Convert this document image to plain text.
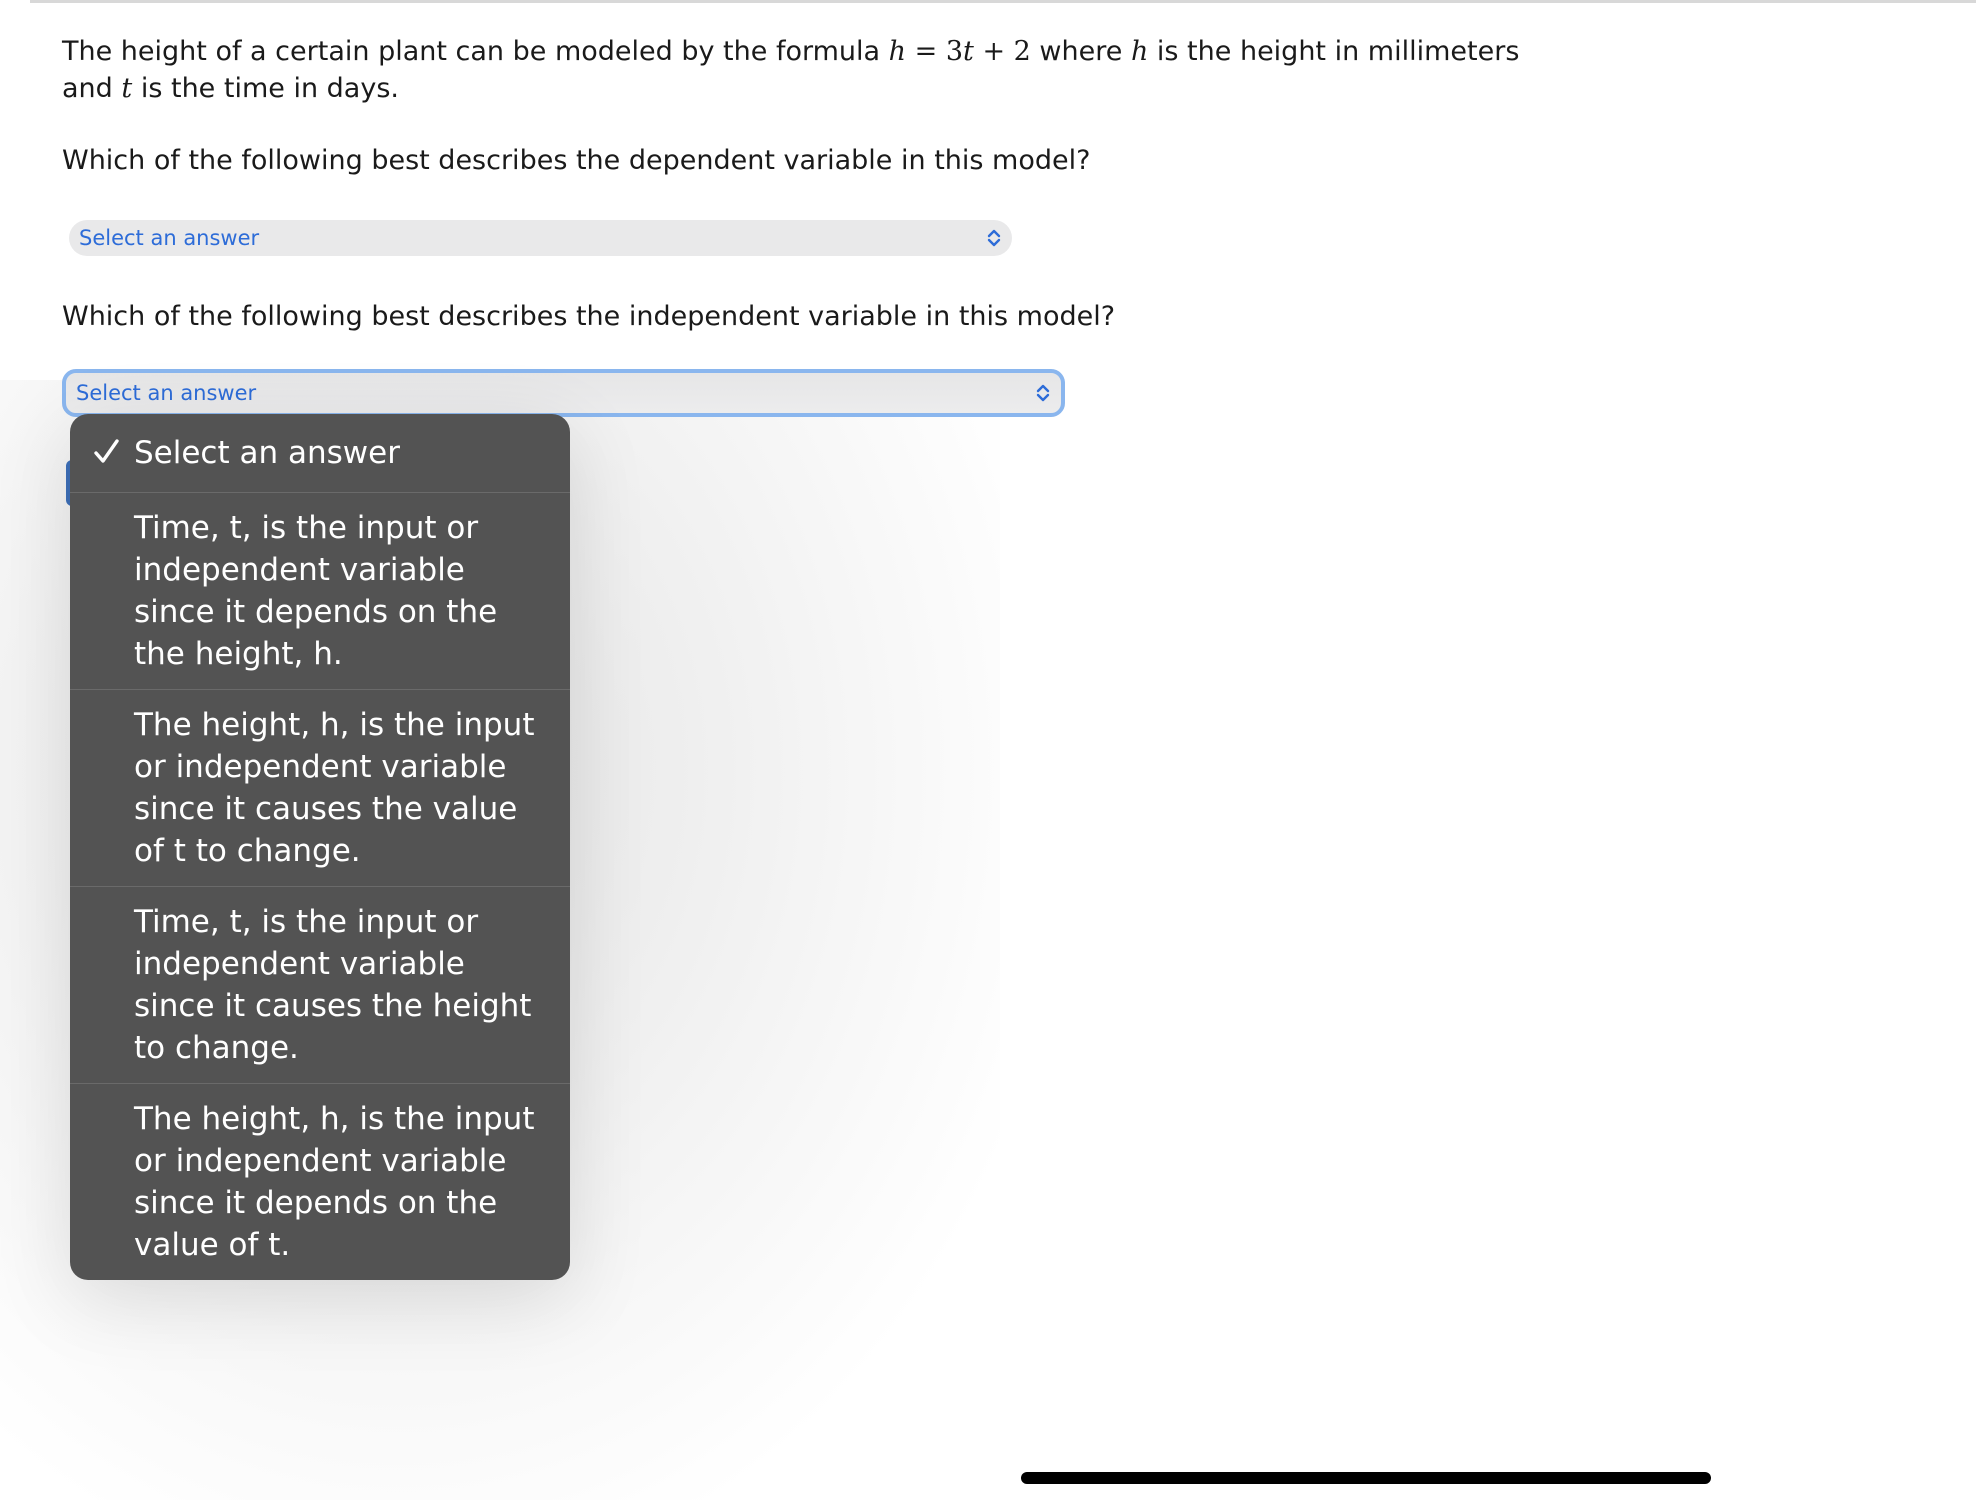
The height of a certain plant can be modeled by the formula h = 3t + 2 where h is the height in millimeters
and t is the time in days.
Which of the following best describes the dependent variable in this model?
Select an answer
Which of the following best describes the independent variable in this model?
Select an answer
Select an answer
Time, t, is the input or independent variable since it depends on the the height, h.
The height, h, is the input or independent variable since it causes the value of t to change.
Time, t, is the input or independent variable since it causes the height to change.
The height, h, is the input or independent variable since it depends on the value of t.
